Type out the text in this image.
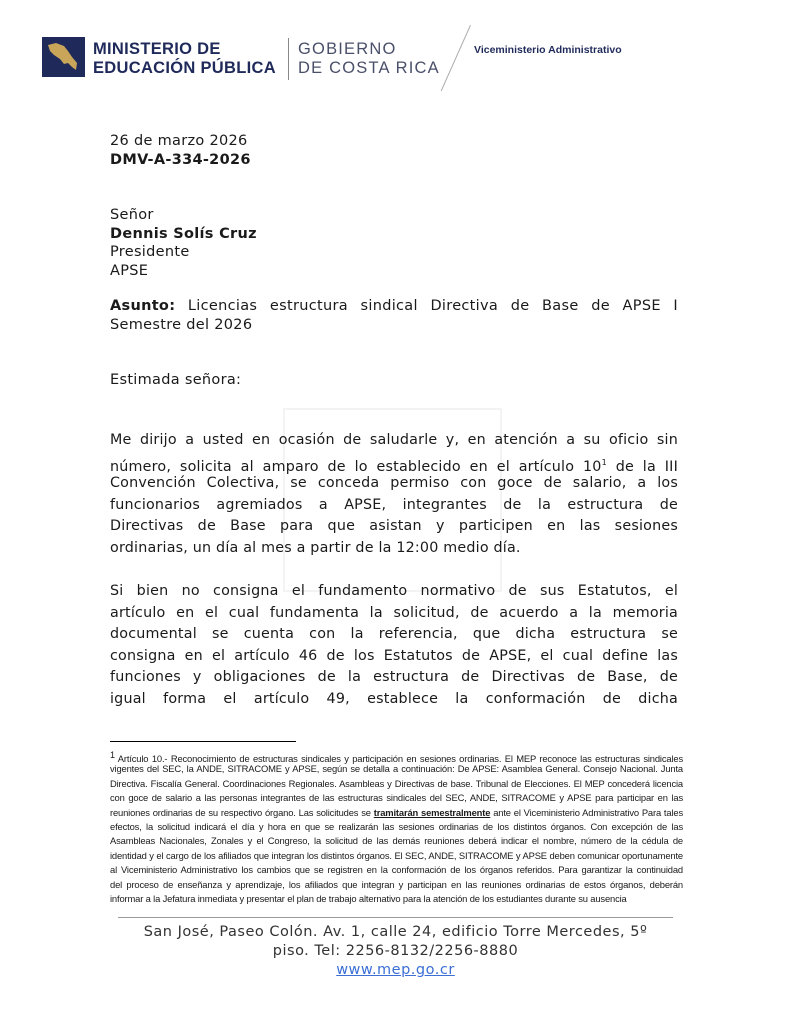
MINISTERIO DE
EDUCACIÓN PÚBLICA
GOBIERNO
DE COSTA RICA
Viceministerio Administrativo
26 de marzo 2026
DMV-A-334-2026
Señor
Dennis Solís Cruz
Presidente
APSE
Asunto: Licencias estructura sindical Directiva de Base de APSE I
Semestre del 2026
Estimada señora:
Me dirijo a usted en ocasión de saludarle y, en atención a su oficio sin
número, solicita al amparo de lo establecido en el artículo $10^1$ de la III
Convención Colectiva, se conceda permiso con goce de salario, a los
funcionarios agremiados a APSE, integrantes de la estructura de
Directivas de Base para que asistan y participen en las sesiones
ordinarias, un día al mes a partir de la 12:00 medio día.
Si bien no consigna el fundamento normativo de sus Estatutos, el
artículo en el cual fundamenta la solicitud, de acuerdo a la memoria
documental se cuenta con la referencia, que dicha estructura se
consigna en el artículo 46 de los Estatutos de APSE, el cual define las
funciones y obligaciones de la estructura de Directivas de Base, de
igual forma el artículo 49, establece la conformación de dicha
$^1$ Artículo 10.- Reconocimiento de estructuras sindicales y participación en sesiones ordinarias. El MEP reconoce las estructuras sindicales
vigentes del SEC, la ANDE, SITRACOME y APSE, según se detalla a continuación: De APSE: Asamblea General. Consejo Nacional. Junta
Directiva. Fiscalía General. Coordinaciones Regionales. Asambleas y Directivas de base. Tribunal de Elecciones. El MEP concederá licencia
con goce de salario a las personas integrantes de las estructuras sindicales del SEC, ANDE, SITRACOME y APSE para participar en las
reuniones ordinarias de su respectivo órgano. Las solicitudes se tramitarán semestralmente ante el Viceministerio Administrativo Para tales
efectos, la solicitud indicará el día y hora en que se realizarán las sesiones ordinarias de los distintos órganos. Con excepción de las
Asambleas Nacionales, Zonales y el Congreso, la solicitud de las demás reuniones deberá indicar el nombre, número de la cédula de
identidad y el cargo de los afiliados que integran los distintos órganos. El SEC, ANDE, SITRACOME y APSE deben comunicar oportunamente
al Viceministerio Administrativo los cambios que se registren en la conformación de los órganos referidos. Para garantizar la continuidad
del proceso de enseñanza y aprendizaje, los afiliados que integran y participan en las reuniones ordinarias de estos órganos, deberán
informar a la Jefatura inmediata y presentar el plan de trabajo alternativo para la atención de los estudiantes durante su ausencia
San José, Paseo Colón. Av. 1, calle 24, edificio Torre Mercedes, 5º
piso. Tel: 2256-8132/2256-8880
www.mep.go.cr
